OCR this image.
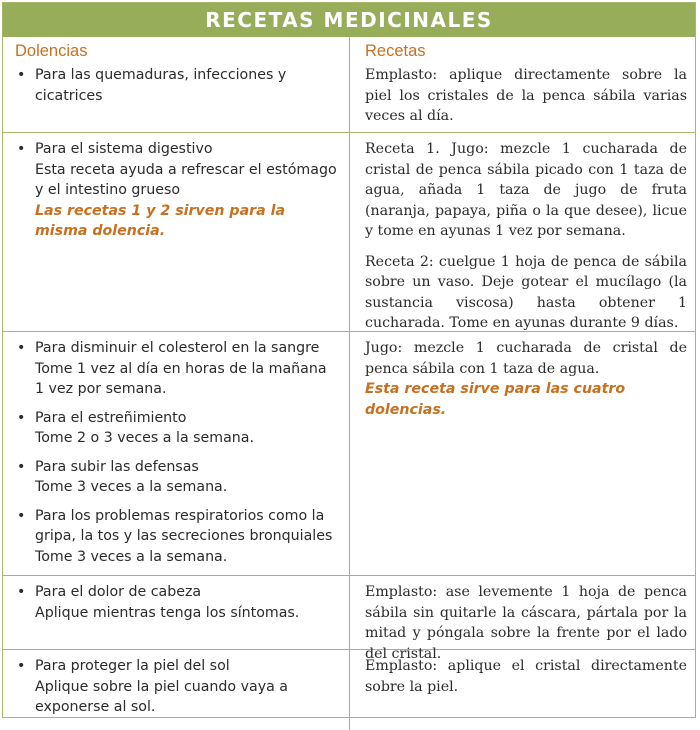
RECETAS MEDICINALES
Dolencias
• Para las quemaduras, infecciones y cicatrices
Recetas
Emplasto: aplique directamente sobre la piel los cristales de la penca sábila varias veces al día.
• Para el sistema digestivo
Esta receta ayuda a refrescar el estómago y el intestino grueso
Las recetas 1 y 2 sirven para la misma dolencia.
Receta 1. Jugo: mezcle 1 cucharada de cristal de penca sábila picado con 1 taza de agua, añada 1 taza de jugo de fruta (naranja, papaya, piña o la que desee), licue y tome en ayunas 1 vez por semana.
Receta 2: cuelgue 1 hoja de penca de sábila sobre un vaso. Deje gotear el mucílago (la sustancia viscosa) hasta obtener 1 cucharada. Tome en ayunas durante 9 días.
• Para disminuir el colesterol en la sangre
Tome 1 vez al día en horas de la mañana 1 vez por semana.
• Para el estreñimiento
Tome 2 o 3 veces a la semana.
• Para subir las defensas
Tome 3 veces a la semana.
• Para los problemas respiratorios como la gripa, la tos y las secreciones bronquiales
Tome 3 veces a la semana.
Jugo: mezcle 1 cucharada de cristal de penca sábila con 1 taza de agua.
Esta receta sirve para las cuatro dolencias.
• Para el dolor de cabeza
Aplique mientras tenga los síntomas.
Emplasto: ase levemente 1 hoja de penca sábila sin quitarle la cáscara, pártala por la mitad y póngala sobre la frente por el lado del cristal.
• Para proteger la piel del sol
Aplique sobre la piel cuando vaya a exponerse al sol.
Emplasto: aplique el cristal directamente sobre la piel.
